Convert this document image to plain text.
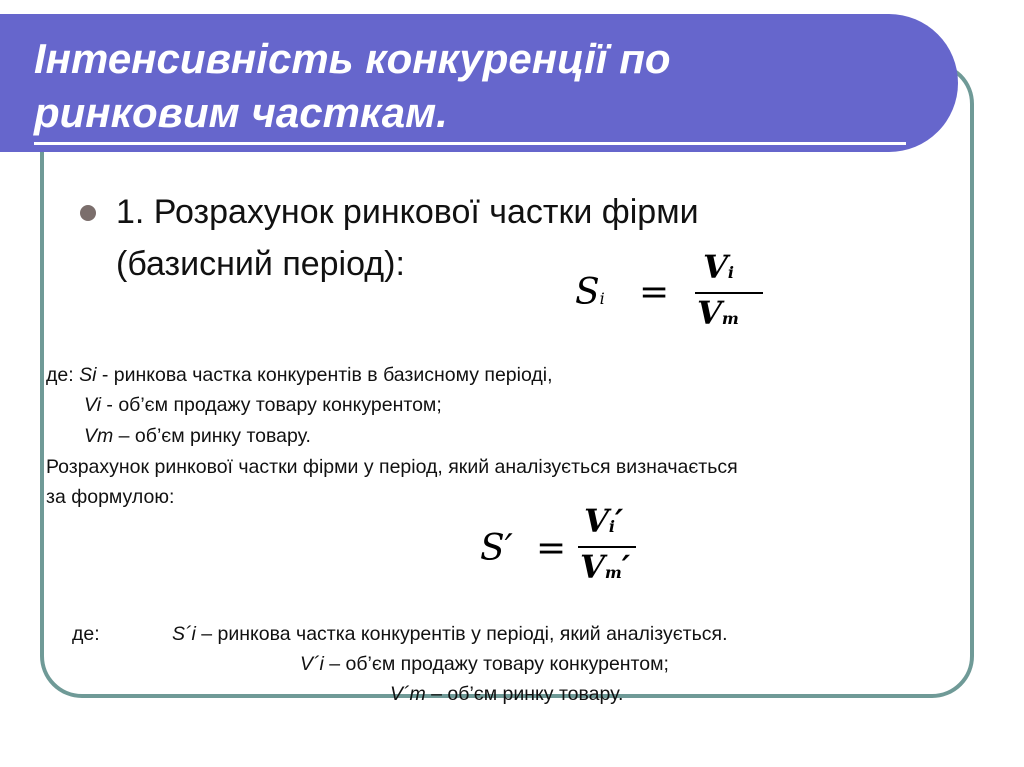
Інтенсивність конкуренції по
ринковим часткам.
1. Розрахунок ринкової частки фірми
(базисний період):
Si =
Vi
Vm
де: Si - ринкова частка конкурентів в базисному періоді,
Vi - об’єм продажу товару конкурентом;
Vm – об’єм ринку товару.
Розрахунок ринкової частки фірми у період, який аналізується визначається
за формулою:
S′ =
Vi′
Vm′
де:	S´i – ринкова частка конкурентів у періоді, який аналізується.
V´i – об’єм продажу товару конкурентом;
V´m – об’єм ринку товару.
